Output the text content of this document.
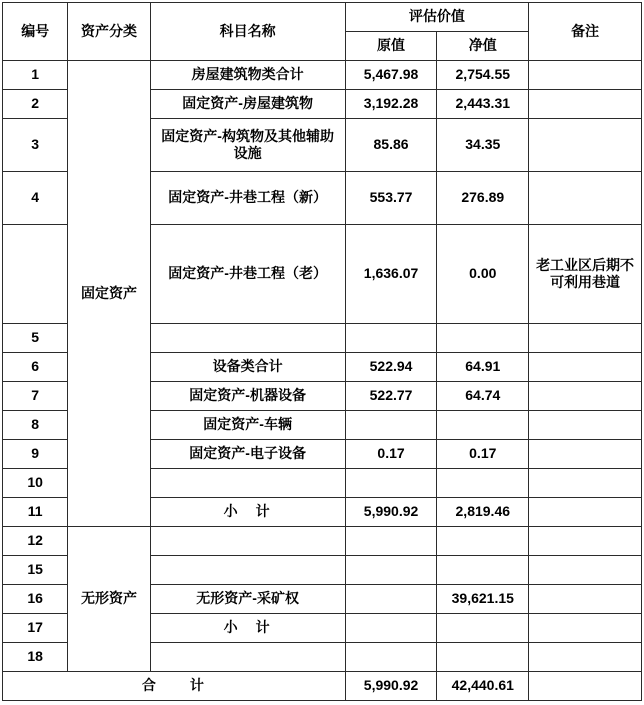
编号	资产分类	科目名称	评估价值		备注
			原值	净值	
1	固定资产	房屋建筑物类合计	5,467.98	2,754.55	
2		固定资产-房屋建筑物	3,192.28	2,443.31	
3		固定资产-构筑物及其他辅助设施	85.86	34.35	
4		固定资产-井巷工程（新）	553.77	276.89	
		固定资产-井巷工程（老）	1,636.07	0.00	老工业区后期不可利用巷道
5					
6		设备类合计	522.94	64.91	
7		固定资产-机器设备	522.77	64.74	
8		固定资产-车辆			
9		固定资产-电子设备	0.17	0.17	
10					
11		小　计	5,990.92	2,819.46	
12	无形资产				
15					
16		无形资产-采矿权		39,621.15	
17		小　计			
18					
合　　计			5,990.92	42,440.61	
